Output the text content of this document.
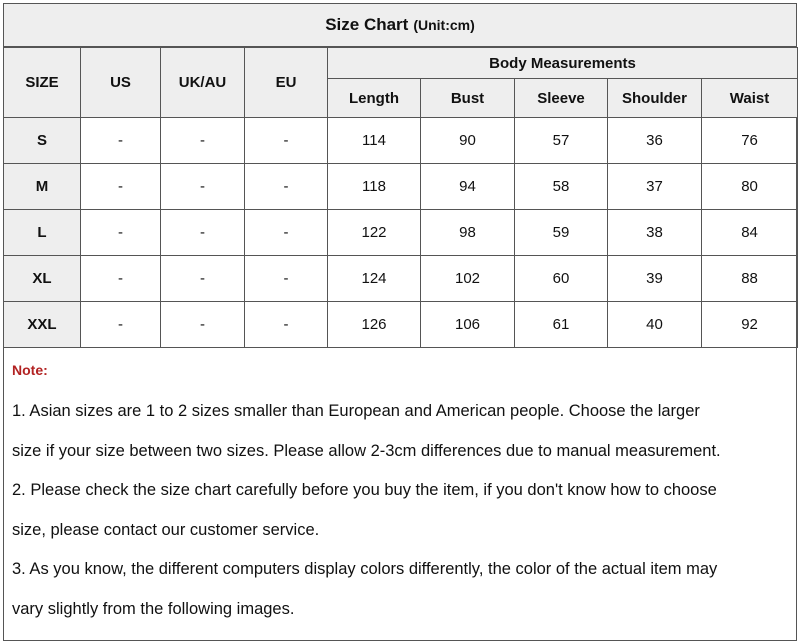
Size Chart (Unit:cm)
SIZE	US	UK/AU	EU	Body Measurements				
				Length	Bust	Sleeve	Shoulder	Waist
S	-	-	-	114	90	57	36	76
M	-	-	-	118	94	58	37	80
L	-	-	-	122	98	59	38	84
XL	-	-	-	124	102	60	39	88
XXL	-	-	-	126	106	61	40	92
Note:
1. Asian sizes are 1 to 2 sizes smaller than European and American people. Choose the larger
size if your size between two sizes. Please allow 2-3cm differences due to manual measurement.
2. Please check the size chart carefully before you buy the item, if you don't know how to choose
size, please contact our customer service.
3. As you know, the different computers display colors differently, the color of the actual item may
vary slightly from the following images.
